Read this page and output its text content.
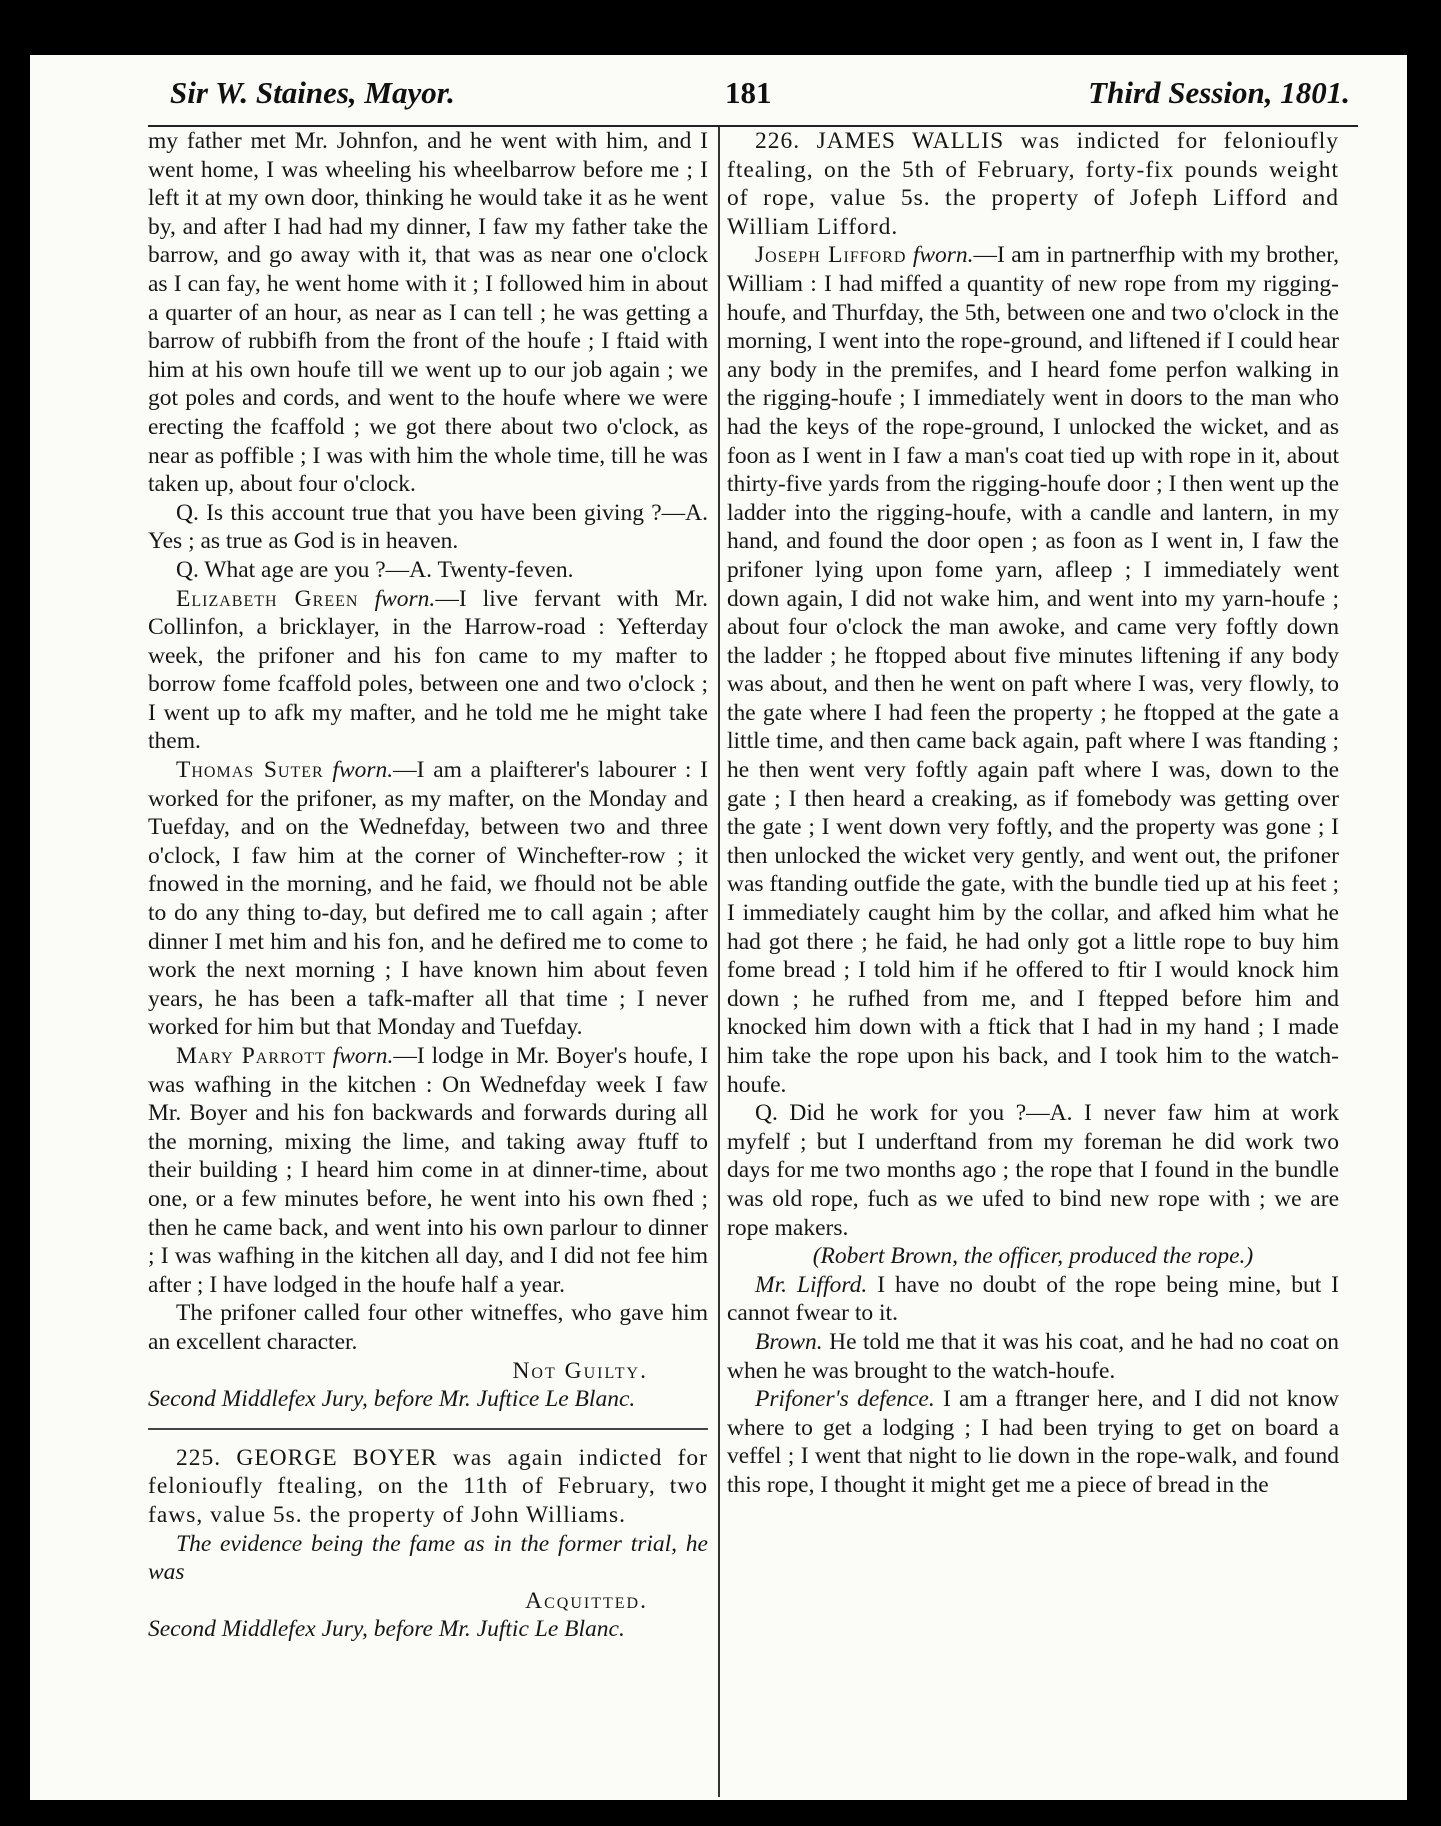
Sir W. Staines, Mayor.	181	Third Session, 1801.

my father met Mr. Johnfon, and he went with him, and I went home, I was wheeling his wheelbarrow before me ; I left it at my own door, thinking he would take it as he went by, and after I had had my dinner, I faw my father take the barrow, and go away with it, that was as near one o'clock as I can fay, he went home with it ; I followed him in about a quarter of an hour, as near as I can tell ; he was getting a barrow of rubbifh from the front of the houfe ; I ftaid with him at his own houfe till we went up to our job again ; we got poles and cords, and went to the houfe where we were erecting the fcaffold ; we got there about two o'clock, as near as poffible ; I was with him the whole time, till he was taken up, about four o'clock.

Q. Is this account true that you have been giving ?—A. Yes ; as true as God is in heaven.

Q. What age are you ?—A. Twenty-feven.

Elizabeth Green fworn.—I live fervant with Mr. Collinfon, a bricklayer, in the Harrow-road : Yefterday week, the prifoner and his fon came to my mafter to borrow fome fcaffold poles, between one and two o'clock ; I went up to afk my mafter, and he told me he might take them.

Thomas Suter fworn.—I am a plaifterer's labourer : I worked for the prifoner, as my mafter, on the Monday and Tuefday, and on the Wednefday, between two and three o'clock, I faw him at the corner of Winchefter-row ; it fnowed in the morning, and he faid, we fhould not be able to do any thing to-day, but defired me to call again ; after dinner I met him and his fon, and he defired me to come to work the next morning ; I have known him about feven years, he has been a tafk-mafter all that time ; I never worked for him but that Monday and Tuefday.

Mary Parrott fworn.—I lodge in Mr. Boyer's houfe, I was wafhing in the kitchen : On Wednefday week I faw Mr. Boyer and his fon backwards and forwards during all the morning, mixing the lime, and taking away ftuff to their building ; I heard him come in at dinner-time, about one, or a few minutes before, he went into his own fhed ; then he came back, and went into his own parlour to dinner ; I was wafhing in the kitchen all day, and I did not fee him after ; I have lodged in the houfe half a year.

The prifoner called four other witneffes, who gave him an excellent character.

Not Guilty.

Second Middlefex Jury, before Mr. Juftice Le Blanc.

225. GEORGE BOYER was again indicted for felonioufly ftealing, on the 11th of February, two faws, value 5s. the property of John Williams.

The evidence being the fame as in the former trial, he was

Acquitted.

Second Middlefex Jury, before Mr. Juftic Le Blanc.

226. JAMES WALLIS was indicted for felonioufly ftealing, on the 5th of February, forty-fix pounds weight of rope, value 5s. the property of Jofeph Lifford and William Lifford.

Joseph Lifford fworn.—I am in partnerfhip with my brother, William : I had miffed a quantity of new rope from my rigging-houfe, and Thurfday, the 5th, between one and two o'clock in the morning, I went into the rope-ground, and liftened if I could hear any body in the premifes, and I heard fome perfon walking in the rigging-houfe ; I immediately went in doors to the man who had the keys of the rope-ground, I unlocked the wicket, and as foon as I went in I faw a man's coat tied up with rope in it, about thirty-five yards from the rigging-houfe door ; I then went up the ladder into the rigging-houfe, with a candle and lantern, in my hand, and found the door open ; as foon as I went in, I faw the prifoner lying upon fome yarn, afleep ; I immediately went down again, I did not wake him, and went into my yarn-houfe ; about four o'clock the man awoke, and came very foftly down the ladder ; he ftopped about five minutes liftening if any body was about, and then he went on paft where I was, very flowly, to the gate where I had feen the property ; he ftopped at the gate a little time, and then came back again, paft where I was ftanding ; he then went very foftly again paft where I was, down to the gate ; I then heard a creaking, as if fomebody was getting over the gate ; I went down very foftly, and the property was gone ; I then unlocked the wicket very gently, and went out, the prifoner was ftanding outfide the gate, with the bundle tied up at his feet ; I immediately caught him by the collar, and afked him what he had got there ; he faid, he had only got a little rope to buy him fome bread ; I told him if he offered to ftir I would knock him down ; he rufhed from me, and I ftepped before him and knocked him down with a ftick that I had in my hand ; I made him take the rope upon his back, and I took him to the watch-houfe.

Q. Did he work for you ?—A. I never faw him at work myfelf ; but I underftand from my foreman he did work two days for me two months ago ; the rope that I found in the bundle was old rope, fuch as we ufed to bind new rope with ; we are rope makers.

(Robert Brown, the officer, produced the rope.)

Mr. Lifford. I have no doubt of the rope being mine, but I cannot fwear to it.

Brown. He told me that it was his coat, and he had no coat on when he was brought to the watch-houfe.

Prifoner's defence. I am a ftranger here, and I did not know where to get a lodging ; I had been trying to get on board a veffel ; I went that night to lie down in the rope-walk, and found this rope, I thought it might get me a piece of bread in the
